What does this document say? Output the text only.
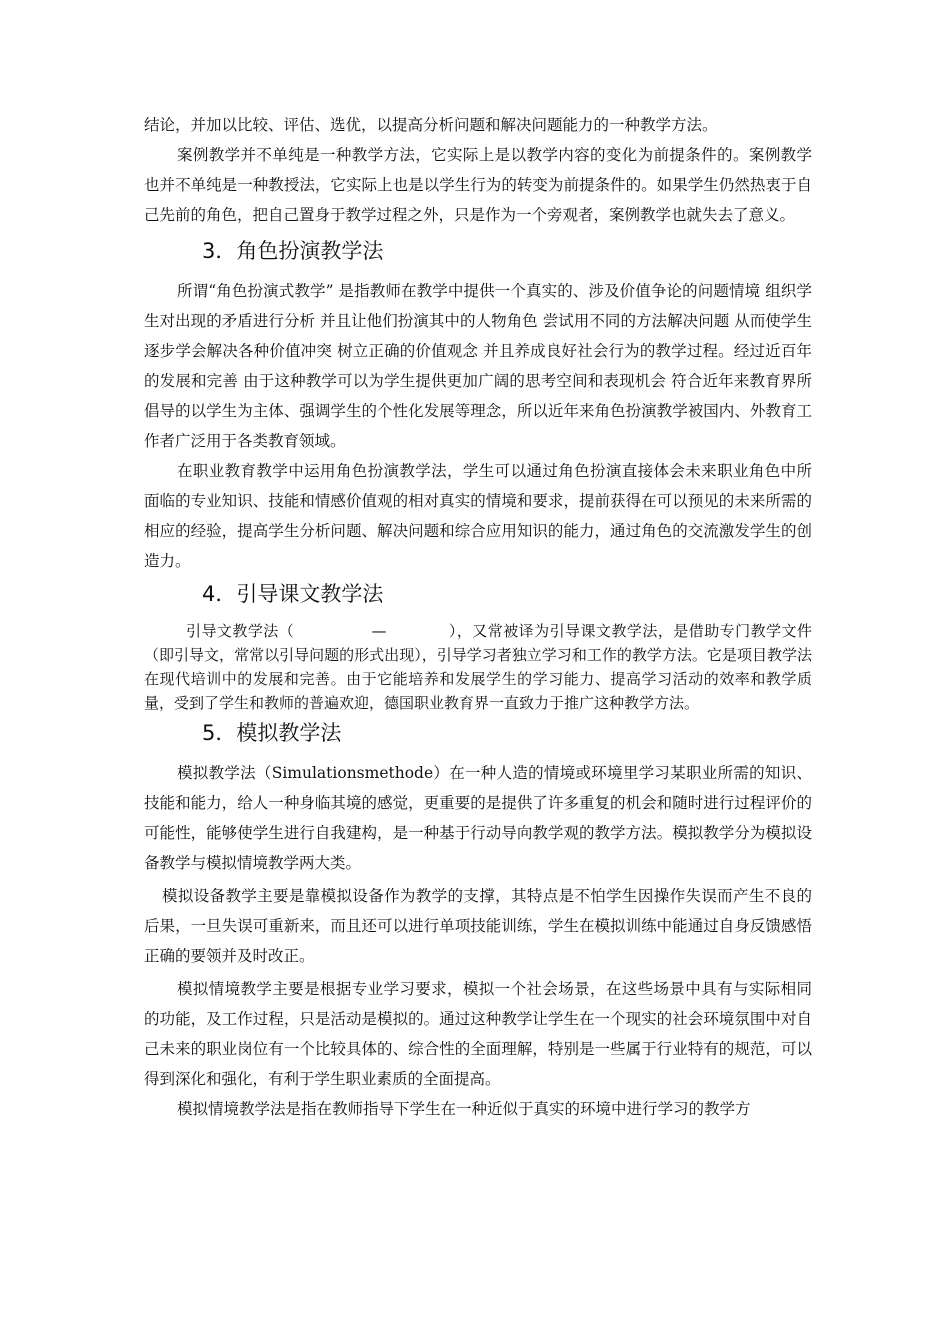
结论，并加以比较、评估、选优，以提高分析问题和解决问题能力的一种教学方法。

案例教学并不单纯是一种教学方法，它实际上是以教学内容的变化为前提条件的。案例教学也并不单纯是一种教授法，它实际上也是以学生行为的转变为前提条件的。如果学生仍然热衷于自己先前的角色，把自己置身于教学过程之外，只是作为一个旁观者，案例教学也就失去了意义。

3．角色扮演教学法

所谓“角色扮演式教学” 是指教师在教学中提供一个真实的、涉及价值争论的问题情境 组织学生对出现的矛盾进行分析 并且让他们扮演其中的人物角色 尝试用不同的方法解决问题 从而使学生逐步学会解决各种价值冲突 树立正确的价值观念 并且养成良好社会行为的教学过程。经过近百年的发展和完善 由于这种教学可以为学生提供更加广阔的思考空间和表现机会 符合近年来教育界所倡导的以学生为主体、强调学生的个性化发展等理念，所以近年来角色扮演教学被国内、外教育工作者广泛用于各类教育领域。

在职业教育教学中运用角色扮演教学法，学生可以通过角色扮演直接体会未来职业角色中所面临的专业知识、技能和情感价值观的相对真实的情境和要求，提前获得在可以预见的未来所需的相应的经验，提高学生分析问题、解决问题和综合应用知识的能力，通过角色的交流激发学生的创造力。

4．引导课文教学法

引导文教学法（　　　　　—　　　　），又常被译为引导课文教学法，是借助专门教学文件（即引导文，常常以引导问题的形式出现），引导学习者独立学习和工作的教学方法。它是项目教学法在现代培训中的发展和完善。由于它能培养和发展学生的学习能力、提高学习活动的效率和教学质量，受到了学生和教师的普遍欢迎，德国职业教育界一直致力于推广这种教学方法。

5．模拟教学法

模拟教学法（Simulationsmethode）在一种人造的情境或环境里学习某职业所需的知识、技能和能力，给人一种身临其境的感觉，更重要的是提供了许多重复的机会和随时进行过程评价的可能性，能够使学生进行自我建构，是一种基于行动导向教学观的教学方法。模拟教学分为模拟设备教学与模拟情境教学两大类。

模拟设备教学主要是靠模拟设备作为教学的支撑，其特点是不怕学生因操作失误而产生不良的后果，一旦失误可重新来，而且还可以进行单项技能训练，学生在模拟训练中能通过自身反馈感悟正确的要领并及时改正。

模拟情境教学主要是根据专业学习要求，模拟一个社会场景，在这些场景中具有与实际相同的功能，及工作过程，只是活动是模拟的。通过这种教学让学生在一个现实的社会环境氛围中对自己未来的职业岗位有一个比较具体的、综合性的全面理解，特别是一些属于行业特有的规范，可以得到深化和强化，有利于学生职业素质的全面提高。

模拟情境教学法是指在教师指导下学生在一种近似于真实的环境中进行学习的教学方
